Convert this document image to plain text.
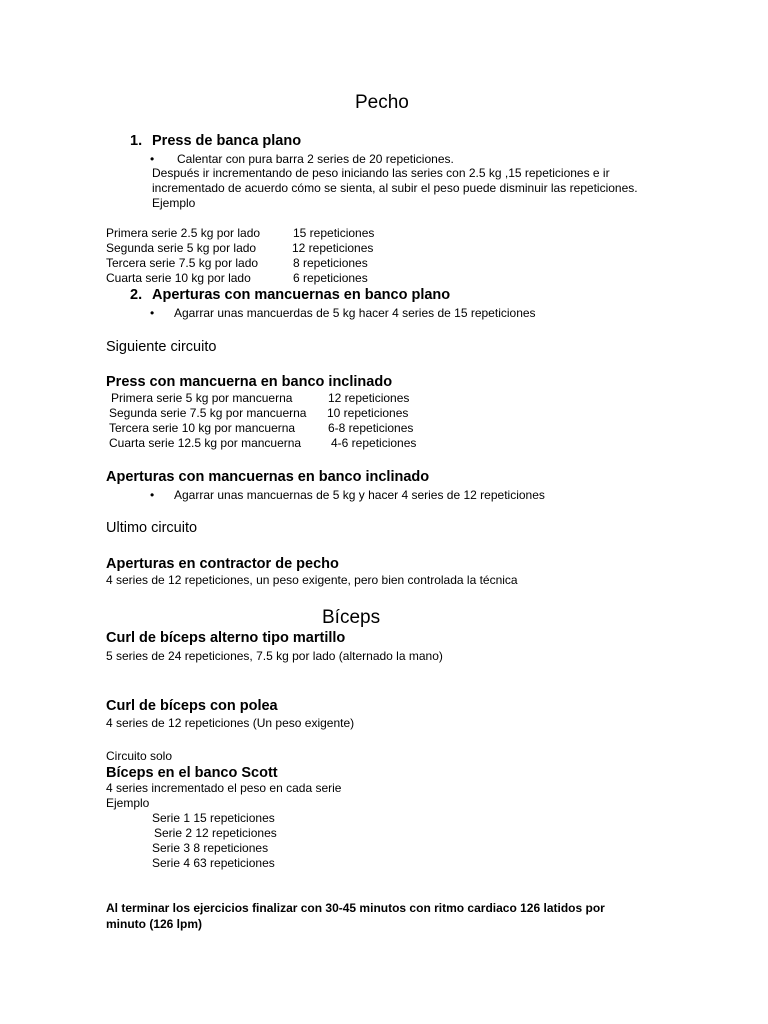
Pecho
1. Press de banca plano
• Calentar con pura barra 2 series de 20 repeticiones.
Después ir incrementando de peso iniciando las series con 2.5 kg ,15 repeticiones e ir incrementado de acuerdo cómo se sienta, al subir el peso puede disminuir las repeticiones.
Ejemplo
Primera serie 2.5 kg por lado	15 repeticiones
Segunda serie 5 kg por lado	12 repeticiones
Tercera serie 7.5 kg por lado	8 repeticiones
Cuarta serie 10 kg por lado	6 repeticiones
2. Aperturas con mancuernas en banco plano
• Agarrar unas mancuerdas de 5 kg hacer 4 series de 15 repeticiones
Siguiente circuito
Press con mancuerna en banco inclinado
Primera serie 5 kg por mancuerna	12 repeticiones
Segunda serie 7.5 kg por mancuerna 10 repeticiones
Tercera serie 10 kg por mancuerna	6-8 repeticiones
Cuarta serie 12.5 kg por mancuerna 4-6 repeticiones
Aperturas con mancuernas en banco inclinado
• Agarrar unas mancuernas de 5 kg y hacer 4 series de 12 repeticiones
Ultimo circuito
Aperturas en contractor de pecho
4 series de 12 repeticiones, un peso exigente, pero bien controlada la técnica
Bíceps
Curl de bíceps alterno tipo martillo
5 series de 24 repeticiones, 7.5 kg por lado (alternado la mano)
Curl de bíceps con polea
4 series de 12 repeticiones (Un peso exigente)
Circuito solo
Bíceps en el banco Scott
4 series incrementado el peso en cada serie
Ejemplo
Serie 1 15 repeticiones
Serie 2 12 repeticiones
Serie 3 8 repeticiones
Serie 4 63 repeticiones
Al terminar los ejercicios finalizar con 30-45 minutos con ritmo cardiaco 126 latidos por minuto (126 lpm)
